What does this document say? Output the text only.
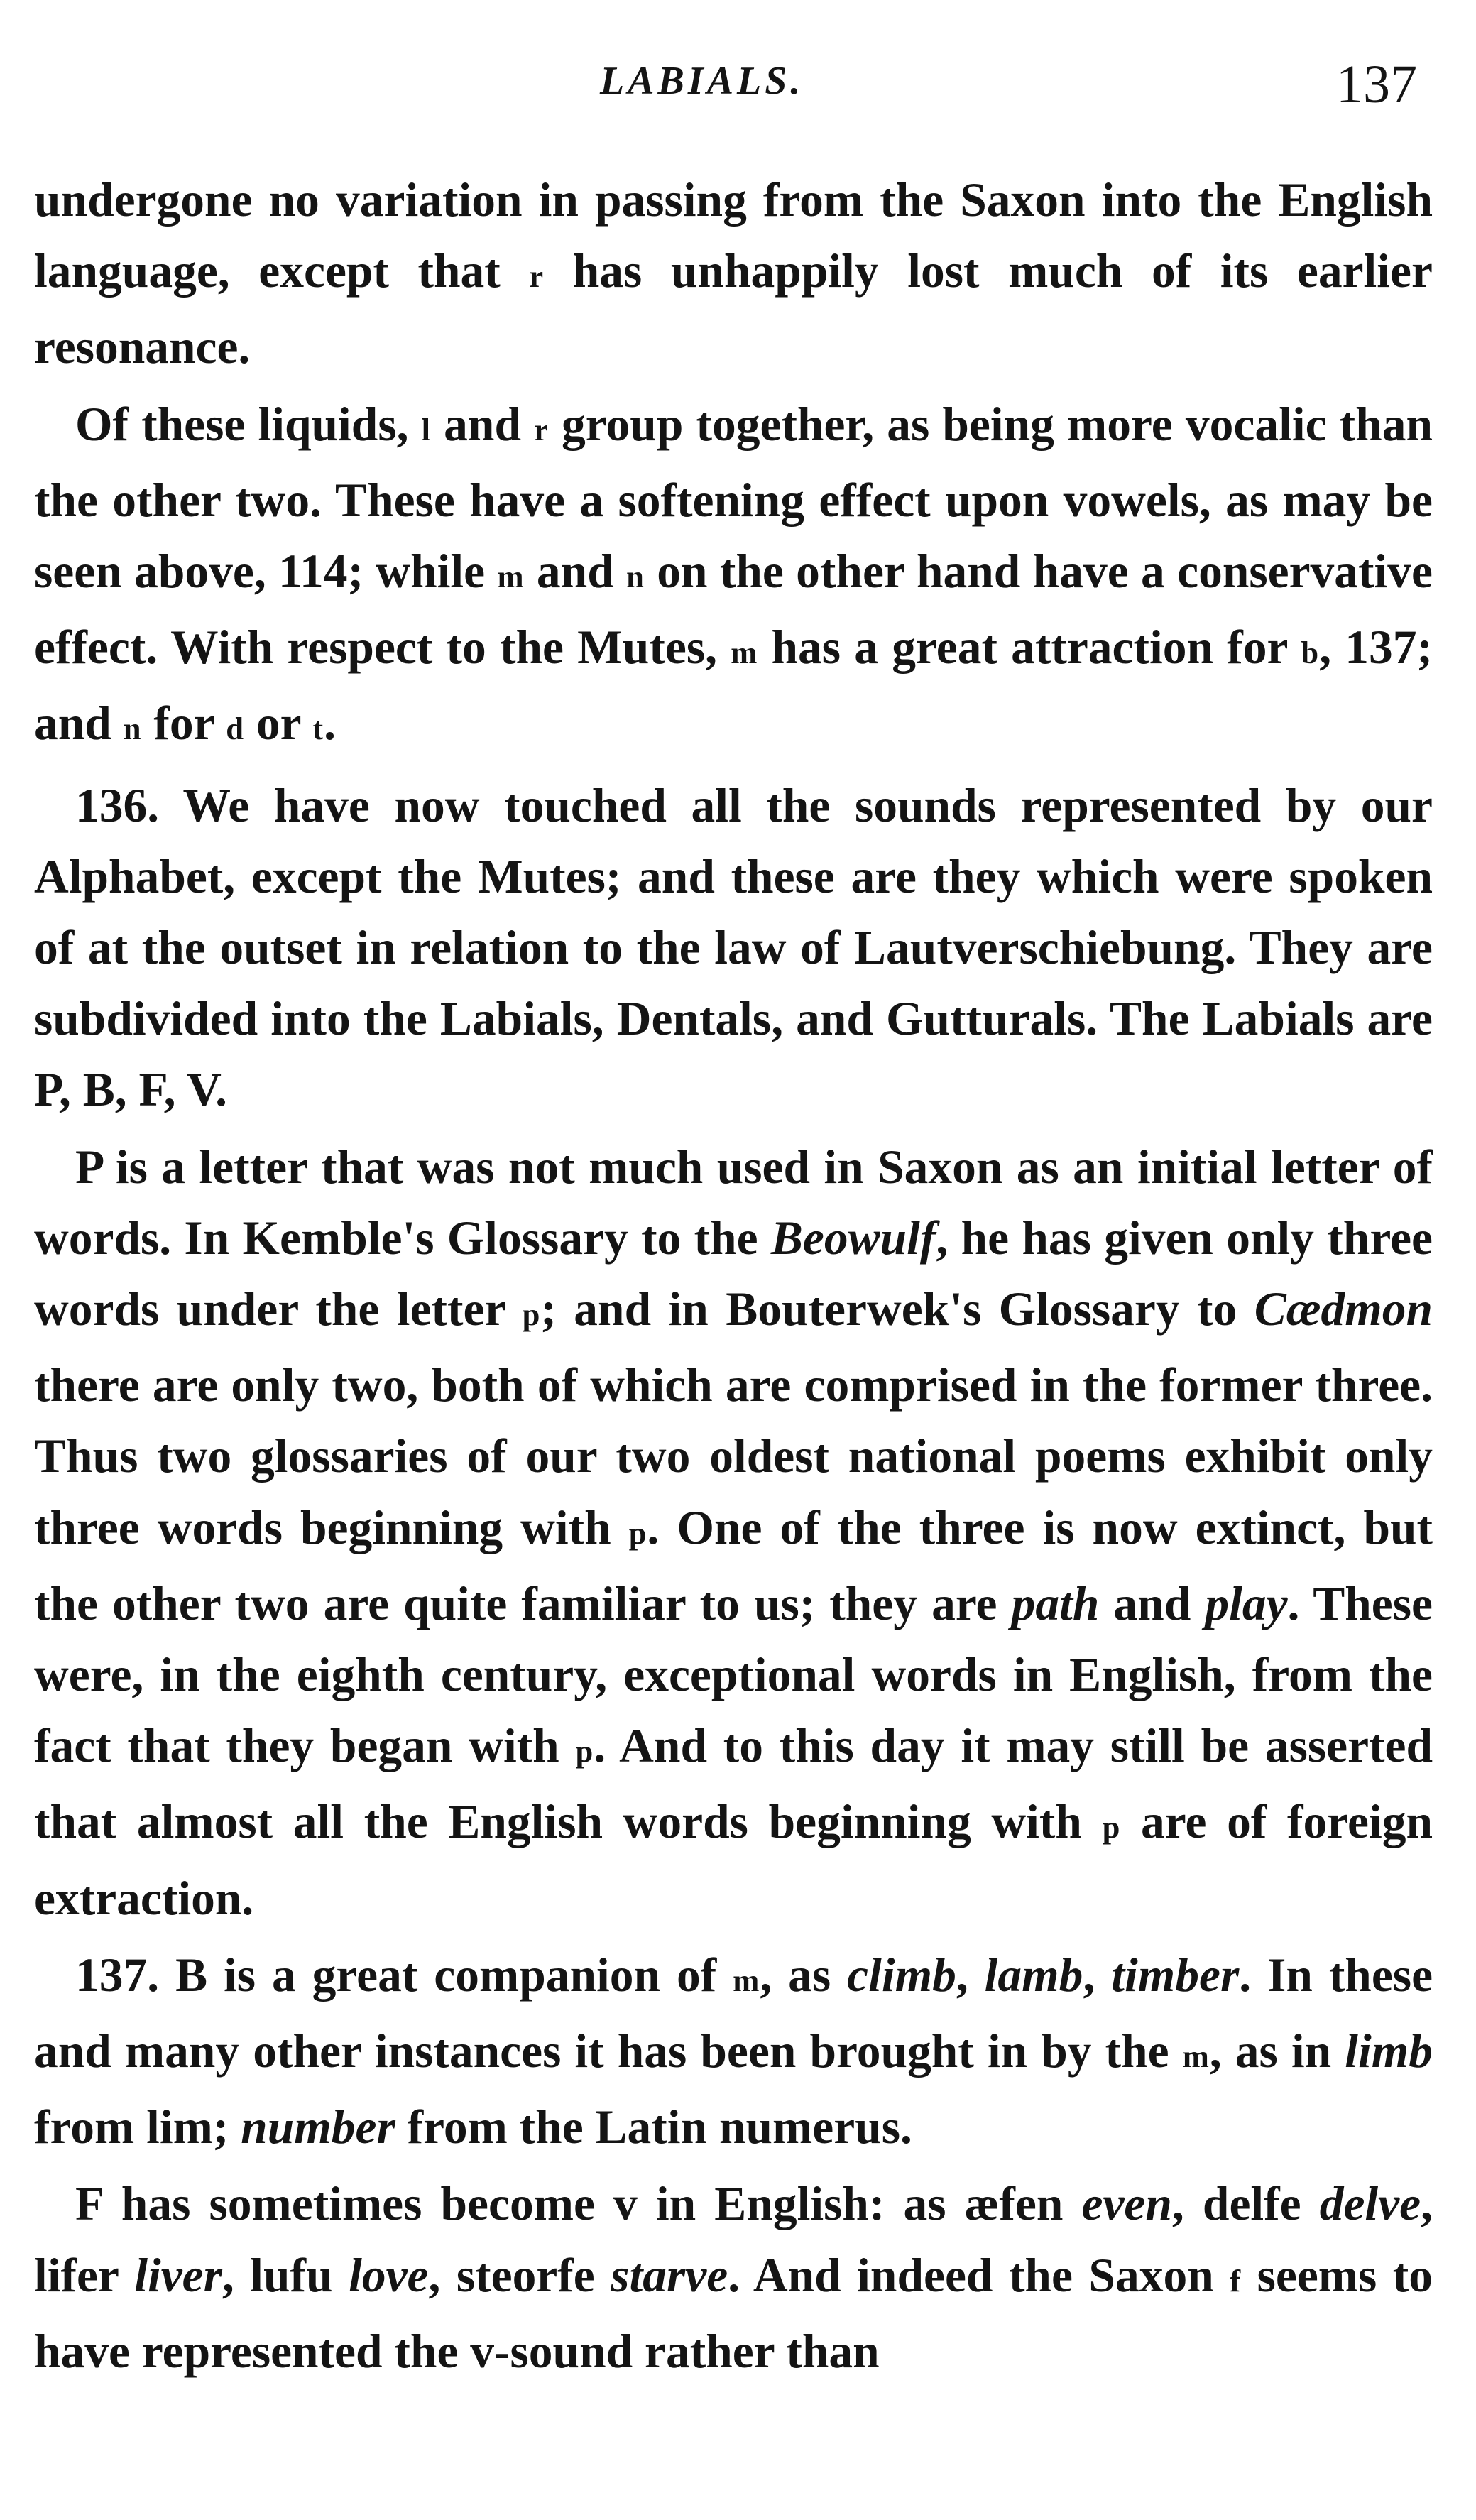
LABIALS.	137

undergone no variation in passing from the Saxon into the English language, except that r has unhappily lost much of its earlier resonance.

Of these liquids, l and r group together, as being more vocalic than the other two. These have a softening effect upon vowels, as may be seen above, 114; while m and n on the other hand have a conservative effect. With respect to the Mutes, m has a great attraction for b, 137; and n for d or t.

136. We have now touched all the sounds represented by our Alphabet, except the Mutes; and these are they which were spoken of at the outset in relation to the law of Lautverschiebung. They are subdivided into the Labials, Dentals, and Gutturals. The Labials are P, B, F, V.

P is a letter that was not much used in Saxon as an initial letter of words. In Kemble's Glossary to the Beowulf, he has given only three words under the letter p; and in Bouterwek's Glossary to Cædmon there are only two, both of which are comprised in the former three. Thus two glossaries of our two oldest national poems exhibit only three words beginning with p. One of the three is now extinct, but the other two are quite familiar to us; they are path and play. These were, in the eighth century, exceptional words in English, from the fact that they began with p. And to this day it may still be asserted that almost all the English words beginning with p are of foreign extraction.

137. B is a great companion of m, as climb, lamb, timber. In these and many other instances it has been brought in by the m, as in limb from lim; number from the Latin numerus.

F has sometimes become v in English: as æfen even, delfe delve, lifer liver, lufu love, steorfe starve. And indeed the Saxon f seems to have represented the v-sound rather than
